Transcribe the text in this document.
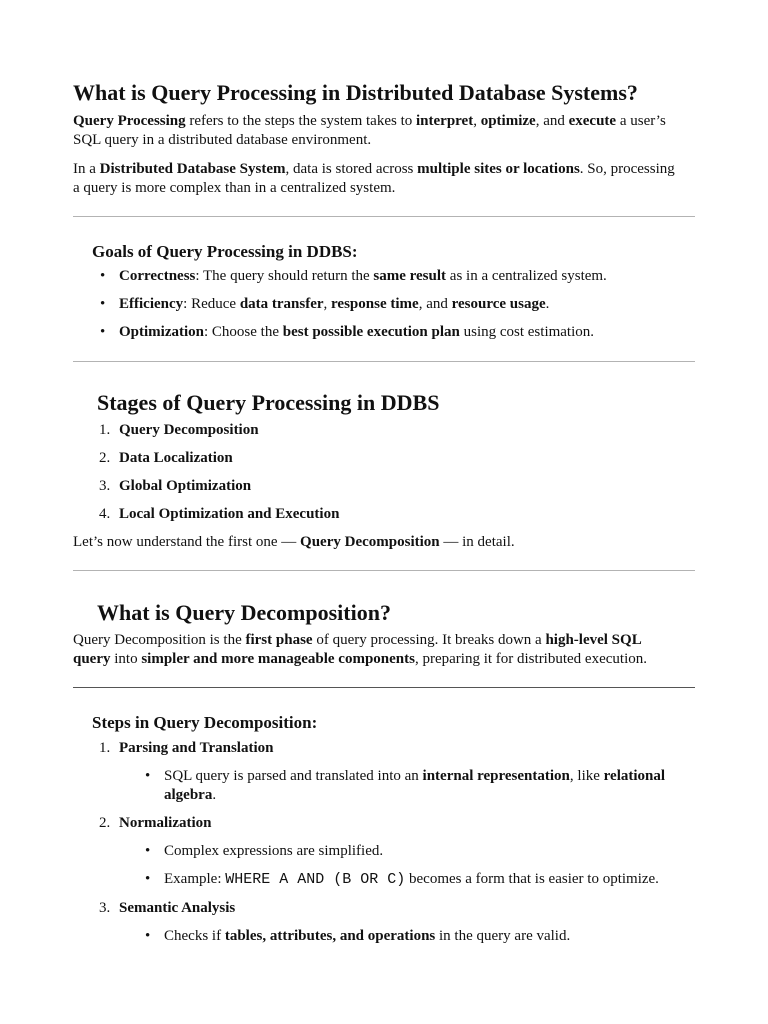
What is Query Processing in Distributed Database Systems?

Query Processing refers to the steps the system takes to interpret, optimize, and execute a user’s
SQL query in a distributed database environment.

In a Distributed Database System, data is stored across multiple sites or locations. So, processing
a query is more complex than in a centralized system.

Goals of Query Processing in DDBS:
• Correctness: The query should return the same result as in a centralized system.
• Efficiency: Reduce data transfer, response time, and resource usage.
• Optimization: Choose the best possible execution plan using cost estimation.
Stages of Query Processing in DDBS
1. Query Decomposition
2. Data Localization
3. Global Optimization
4. Local Optimization and Execution

Let’s now understand the first one — Query Decomposition — in detail.

What is Query Decomposition?

Query Decomposition is the first phase of query processing. It breaks down a high-level SQL
query into simpler and more manageable components, preparing it for distributed execution.

Steps in Query Decomposition:
1. Parsing and Translation
• SQL query is parsed and translated into an internal representation, like relational
algebra.
2. Normalization
• Complex expressions are simplified.
• Example: WHERE A AND (B OR C) becomes a form that is easier to optimize.
3. Semantic Analysis
• Checks if tables, attributes, and operations in the query are valid.
